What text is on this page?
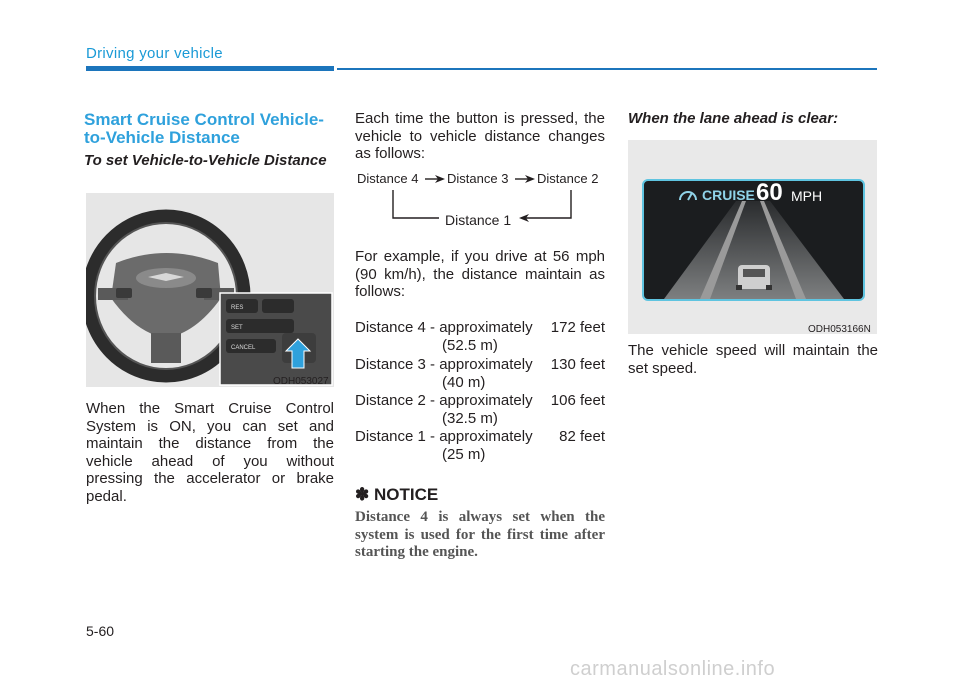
Driving your vehicle
Smart Cruise Control Vehicle-to-Vehicle Distance
To set Vehicle-to-Vehicle Distance
RES
SET
CANCEL
ODH053027
When the Smart Cruise Control System is ON, you can set and maintain the distance from the vehicle ahead of you without pressing the accelerator or brake pedal.
Each time the button is pressed, the vehicle to vehicle distance changes as follows:
Distance 4 Distance 3 Distance 2
Distance 1
For example, if you drive at 56 mph (90 km/h), the distance maintain as follows:
Distance 4 - approximately	172 feet
(52.5 m)
Distance 3 - approximately	130 feet
(40 m)
Distance 2 - approximately	106 feet
(32.5 m)
Distance 1 - approximately	82 feet
(25 m)
✽ NOTICE
Distance 4 is always set when the system is used for the first time after starting the engine.
When the lane ahead is clear:
CRUISE 60 MPH
ODH053166N
The vehicle speed will maintain the set speed.
5-60
carmanualsonline.info
